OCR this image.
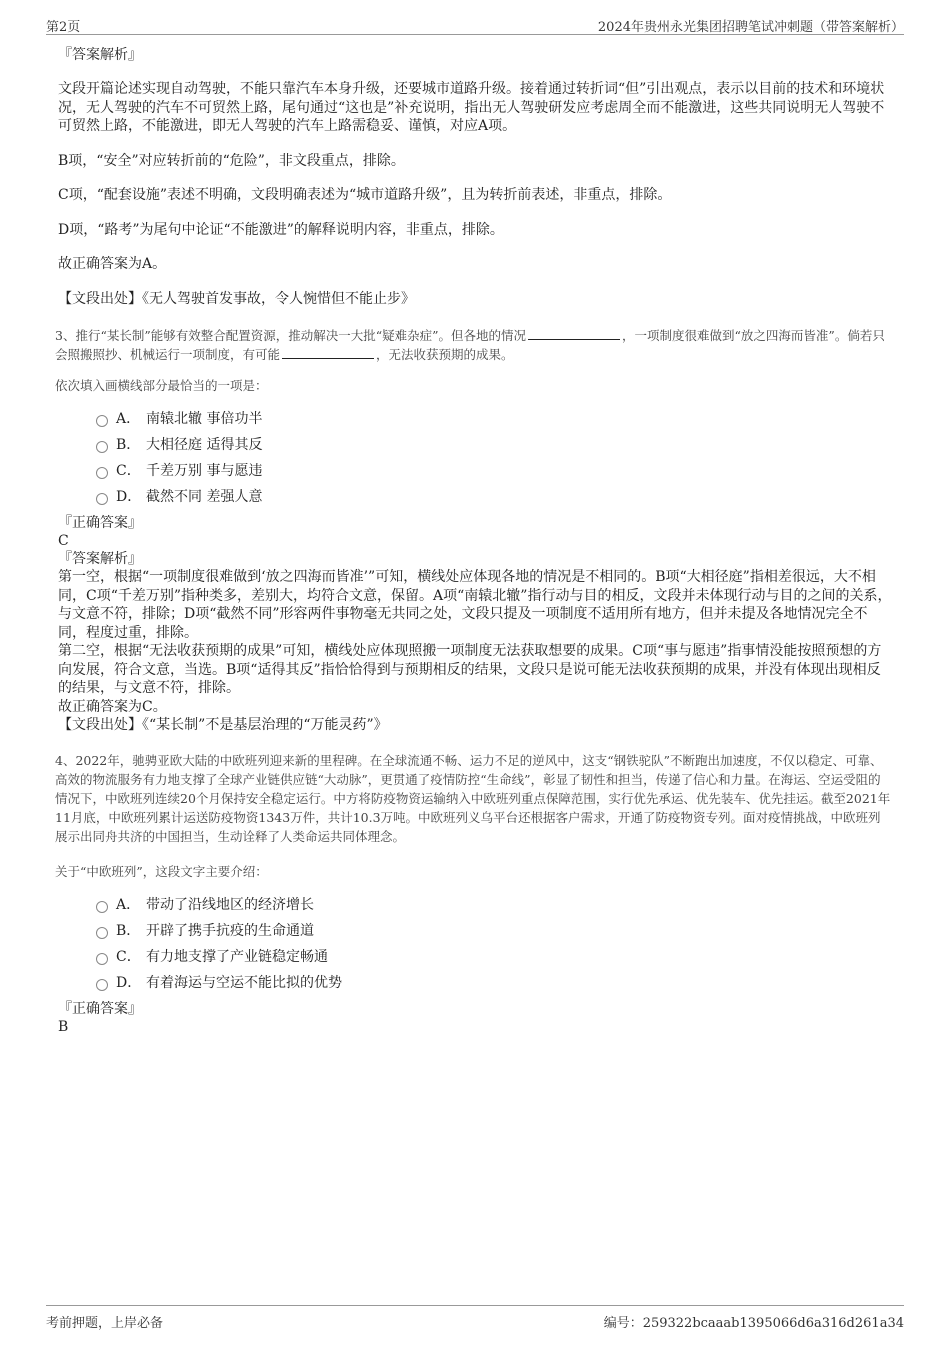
第2页	2024年贵州永光集团招聘笔试冲刺题（带答案解析）
『答案解析』

文段开篇论述实现自动驾驶，不能只靠汽车本身升级，还要城市道路升级。接着通过转折词“但”引出观点，表示以目前的技术和环境状况，无人驾驶的汽车不可贸然上路，尾句通过“这也是”补充说明，指出无人驾驶研发应考虑周全而不能激进，这些共同说明无人驾驶不可贸然上路，不能激进，即无人驾驶的汽车上路需稳妥、谨慎，对应A项。

B项，“安全”对应转折前的“危险”，非文段重点，排除。

C项，“配套设施”表述不明确，文段明确表述为“城市道路升级”，且为转折前表述，非重点，排除。

D项，“路考”为尾句中论证“不能激进”的解释说明内容，非重点，排除。

故正确答案为A。

【文段出处】《无人驾驶首发事故，令人惋惜但不能止步》

3、推行“某长制”能够有效整合配置资源，推动解决一大批“疑难杂症”。但各地的情况	，一项制度很难做到“放之四海而皆准”。倘若只会照搬照抄、机械运行一项制度，有可能	，无法收获预期的成果。
依次填入画横线部分最恰当的一项是：
A． 南辕北辙 事倍功半
B． 大相径庭 适得其反
C． 千差万别 事与愿违
D． 截然不同 差强人意
『正确答案』
C
『答案解析』

第一空，根据“一项制度很难做到‘放之四海而皆准’”可知，横线处应体现各地的情况是不相同的。B项“大相径庭”指相差很远，大不相同，C项“千差万别”指种类多，差别大，均符合文意，保留。A项“南辕北辙”指行动与目的相反，文段并未体现行动与目的之间的关系，与文意不符，排除；D项“截然不同”形容两件事物毫无共同之处，文段只提及一项制度不适用所有地方，但并未提及各地情况完全不同，程度过重，排除。

第二空，根据“无法收获预期的成果”可知，横线处应体现照搬一项制度无法获取想要的成果。C项“事与愿违”指事情没能按照预想的方向发展，符合文意，当选。B项“适得其反”指恰恰得到与预期相反的结果，文段只是说可能无法收获预期的成果，并没有体现出现相反的结果，与文意不符，排除。

故正确答案为C。

【文段出处】《“某长制”不是基层治理的“万能灵药”》

4、2022年，驰骋亚欧大陆的中欧班列迎来新的里程碑。在全球流通不畅、运力不足的逆风中，这支“钢铁驼队”不断跑出加速度，不仅以稳定、可靠、高效的物流服务有力地支撑了全球产业链供应链“大动脉”，更贯通了疫情防控“生命线”，彰显了韧性和担当，传递了信心和力量。在海运、空运受阻的情况下，中欧班列连续20个月保持安全稳定运行。中方将防疫物资运输纳入中欧班列重点保障范围，实行优先承运、优先装车、优先挂运。截至2021年11月底，中欧班列累计运送防疫物资1343万件，共计10.3万吨。中欧班列义乌平台还根据客户需求，开通了防疫物资专列。面对疫情挑战，中欧班列展示出同舟共济的中国担当，生动诠释了人类命运共同体理念。
关于“中欧班列”，这段文字主要介绍：
A． 带动了沿线地区的经济增长
B． 开辟了携手抗疫的生命通道
C． 有力地支撑了产业链稳定畅通
D． 有着海运与空运不能比拟的优势
『正确答案』
B
考前押题，上岸必备	编号：259322bcaaab1395066d6a316d261a34
